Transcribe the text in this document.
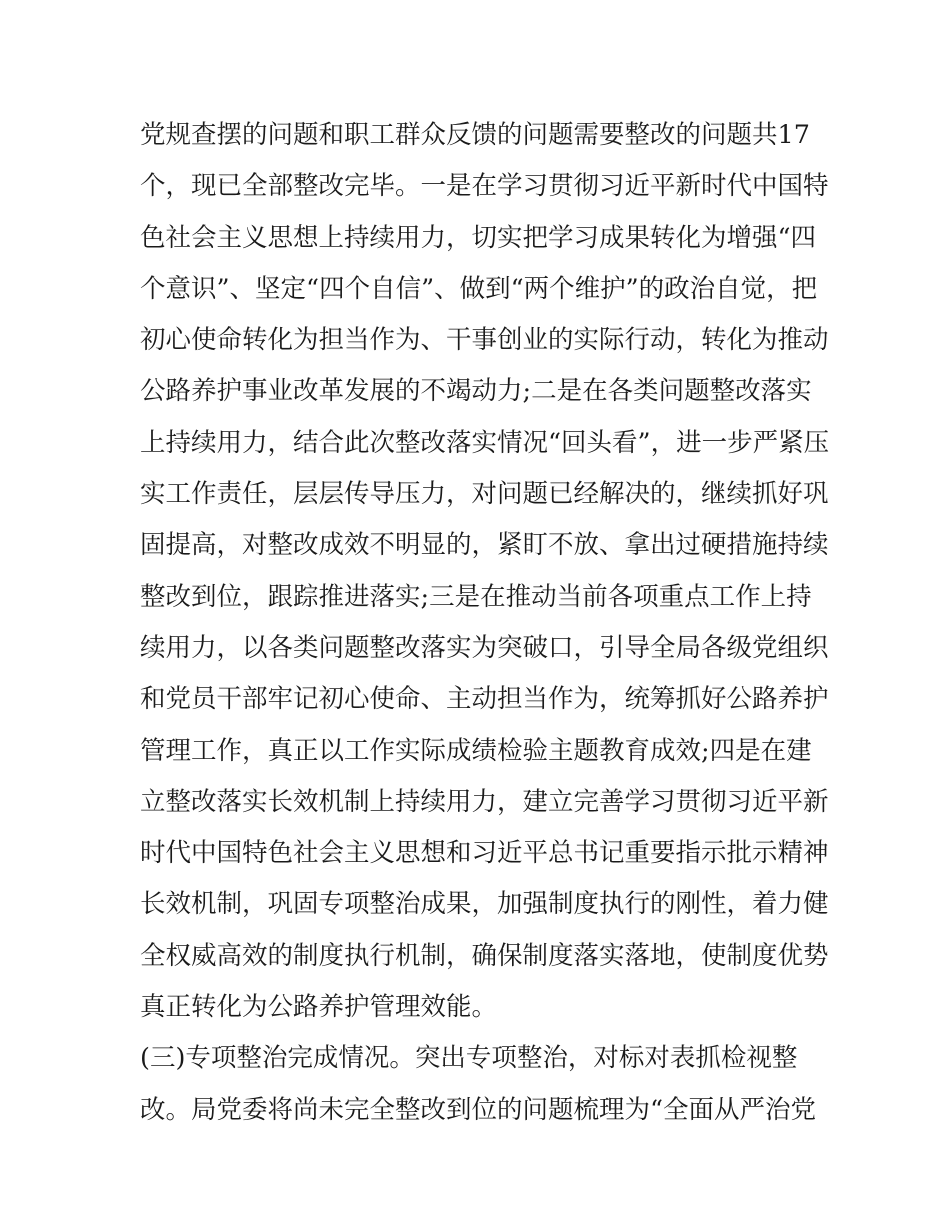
党规查摆的问题和职工群众反馈的问题需要整改的问题共17
个，现已全部整改完毕。一是在学习贯彻习近平新时代中国特
色社会主义思想上持续用力，切实把学习成果转化为增强“四
个意识”、坚定“四个自信”、做到“两个维护”的政治自觉，把
初心使命转化为担当作为、干事创业的实际行动，转化为推动
公路养护事业改革发展的不竭动力;二是在各类问题整改落实
上持续用力，结合此次整改落实情况“回头看”，进一步严紧压
实工作责任，层层传导压力，对问题已经解决的，继续抓好巩
固提高，对整改成效不明显的，紧盯不放、拿出过硬措施持续
整改到位，跟踪推进落实;三是在推动当前各项重点工作上持
续用力，以各类问题整改落实为突破口，引导全局各级党组织
和党员干部牢记初心使命、主动担当作为，统筹抓好公路养护
管理工作，真正以工作实际成绩检验主题教育成效;四是在建
立整改落实长效机制上持续用力，建立完善学习贯彻习近平新
时代中国特色社会主义思想和习近平总书记重要指示批示精神
长效机制，巩固专项整治成果，加强制度执行的刚性，着力健
全权威高效的制度执行机制，确保制度落实落地，使制度优势
真正转化为公路养护管理效能。
(三)专项整治完成情况。突出专项整治，对标对表抓检视整
改。局党委将尚未完全整改到位的问题梳理为“全面从严治党
